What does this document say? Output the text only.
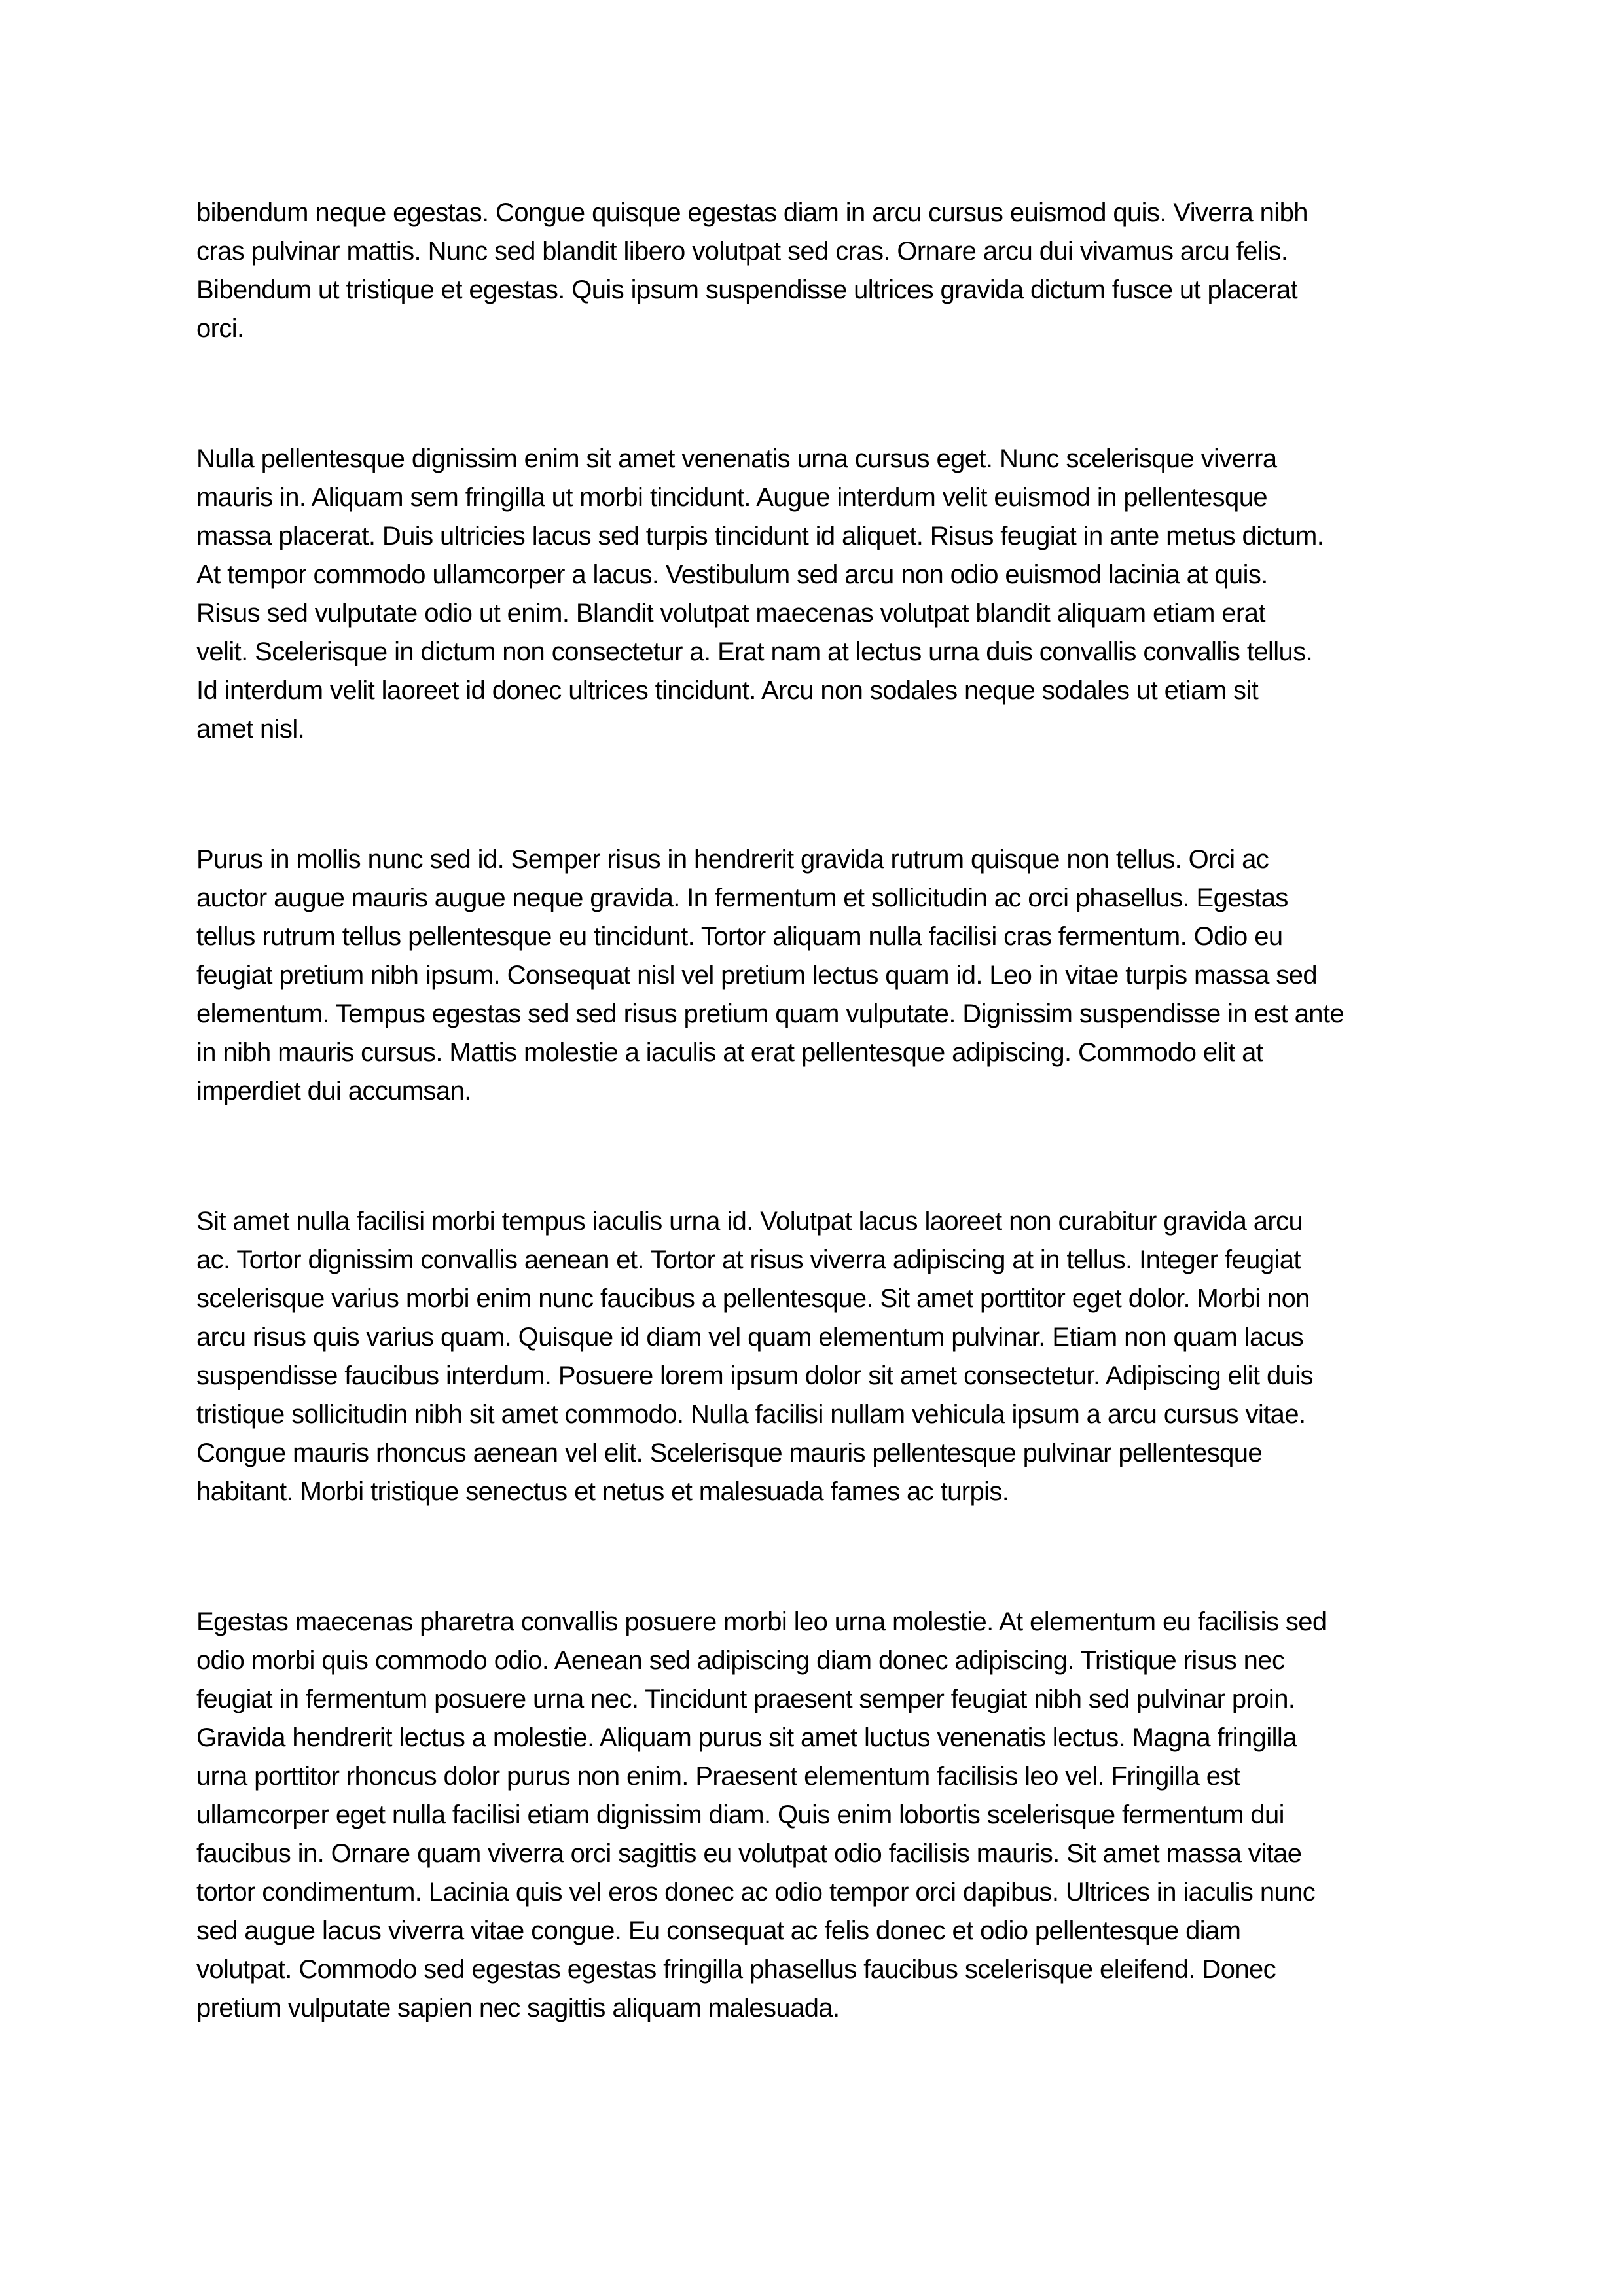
bibendum neque egestas. Congue quisque egestas diam in arcu cursus euismod quis. Viverra nibh
cras pulvinar mattis. Nunc sed blandit libero volutpat sed cras. Ornare arcu dui vivamus arcu felis.
Bibendum ut tristique et egestas. Quis ipsum suspendisse ultrices gravida dictum fusce ut placerat
orci.

Nulla pellentesque dignissim enim sit amet venenatis urna cursus eget. Nunc scelerisque viverra
mauris in. Aliquam sem fringilla ut morbi tincidunt. Augue interdum velit euismod in pellentesque
massa placerat. Duis ultricies lacus sed turpis tincidunt id aliquet. Risus feugiat in ante metus dictum.
At tempor commodo ullamcorper a lacus. Vestibulum sed arcu non odio euismod lacinia at quis.
Risus sed vulputate odio ut enim. Blandit volutpat maecenas volutpat blandit aliquam etiam erat
velit. Scelerisque in dictum non consectetur a. Erat nam at lectus urna duis convallis convallis tellus.
Id interdum velit laoreet id donec ultrices tincidunt. Arcu non sodales neque sodales ut etiam sit
amet nisl.

Purus in mollis nunc sed id. Semper risus in hendrerit gravida rutrum quisque non tellus. Orci ac
auctor augue mauris augue neque gravida. In fermentum et sollicitudin ac orci phasellus. Egestas
tellus rutrum tellus pellentesque eu tincidunt. Tortor aliquam nulla facilisi cras fermentum. Odio eu
feugiat pretium nibh ipsum. Consequat nisl vel pretium lectus quam id. Leo in vitae turpis massa sed
elementum. Tempus egestas sed sed risus pretium quam vulputate. Dignissim suspendisse in est ante
in nibh mauris cursus. Mattis molestie a iaculis at erat pellentesque adipiscing. Commodo elit at
imperdiet dui accumsan.

Sit amet nulla facilisi morbi tempus iaculis urna id. Volutpat lacus laoreet non curabitur gravida arcu
ac. Tortor dignissim convallis aenean et. Tortor at risus viverra adipiscing at in tellus. Integer feugiat
scelerisque varius morbi enim nunc faucibus a pellentesque. Sit amet porttitor eget dolor. Morbi non
arcu risus quis varius quam. Quisque id diam vel quam elementum pulvinar. Etiam non quam lacus
suspendisse faucibus interdum. Posuere lorem ipsum dolor sit amet consectetur. Adipiscing elit duis
tristique sollicitudin nibh sit amet commodo. Nulla facilisi nullam vehicula ipsum a arcu cursus vitae.
Congue mauris rhoncus aenean vel elit. Scelerisque mauris pellentesque pulvinar pellentesque
habitant. Morbi tristique senectus et netus et malesuada fames ac turpis.

Egestas maecenas pharetra convallis posuere morbi leo urna molestie. At elementum eu facilisis sed
odio morbi quis commodo odio. Aenean sed adipiscing diam donec adipiscing. Tristique risus nec
feugiat in fermentum posuere urna nec. Tincidunt praesent semper feugiat nibh sed pulvinar proin.
Gravida hendrerit lectus a molestie. Aliquam purus sit amet luctus venenatis lectus. Magna fringilla
urna porttitor rhoncus dolor purus non enim. Praesent elementum facilisis leo vel. Fringilla est
ullamcorper eget nulla facilisi etiam dignissim diam. Quis enim lobortis scelerisque fermentum dui
faucibus in. Ornare quam viverra orci sagittis eu volutpat odio facilisis mauris. Sit amet massa vitae
tortor condimentum. Lacinia quis vel eros donec ac odio tempor orci dapibus. Ultrices in iaculis nunc
sed augue lacus viverra vitae congue. Eu consequat ac felis donec et odio pellentesque diam
volutpat. Commodo sed egestas egestas fringilla phasellus faucibus scelerisque eleifend. Donec
pretium vulputate sapien nec sagittis aliquam malesuada.
